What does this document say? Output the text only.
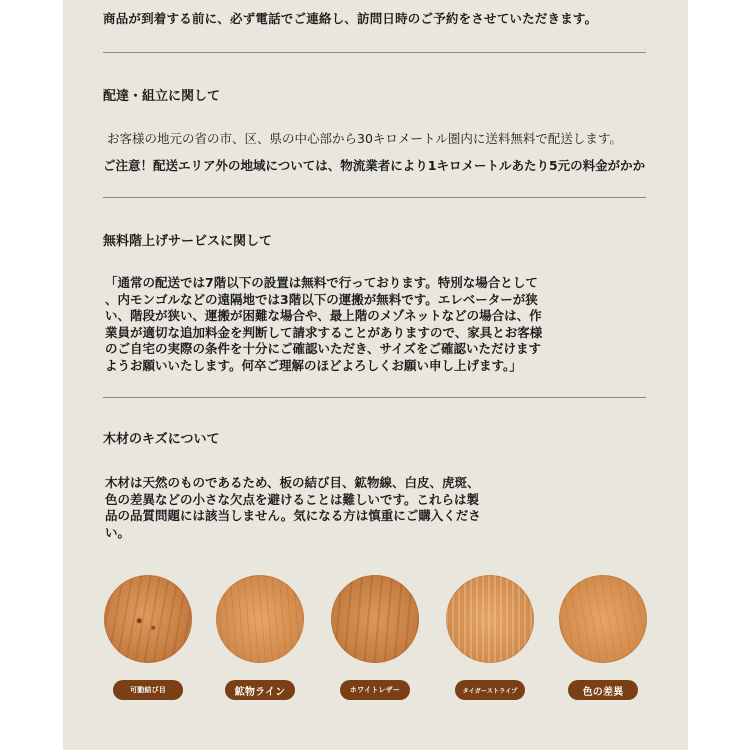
商品が到着する前に、必ず電話でご連絡し、訪問日時のご予約をさせていただきます。
配達・組立に関して
お客様の地元の省の市、区、県の中心部から30キロメートル圏内に送料無料で配送します。
ご注意！配送エリア外の地域については、物流業者により1キロメートルあたり5元の料金がかか
無料階上げサービスに関して
「通常の配送では7階以下の設置は無料で行っております。特別な場合として
、内モンゴルなどの遠隔地では3階以下の運搬が無料です。エレベーターが狭
い、階段が狭い、運搬が困難な場合や、最上階のメゾネットなどの場合は、作
業員が適切な追加料金を判断して請求することがありますので、家具とお客様
のご自宅の実際の条件を十分にご確認いただき、サイズをご確認いただけます
ようお願いいたします。何卒ご理解のほどよろしくお願い申し上げます。」
木材のキズについて
木材は天然のものであるため、板の結び目、鉱物線、白皮、虎斑、
色の差異などの小さな欠点を避けることは難しいです。これらは製
品の品質問題には該当しません。気になる方は慎重にご購入くださ
い。
可動結び目	鉱物ライン	ホワイトレザー	タイガーストライプ	色の差異
